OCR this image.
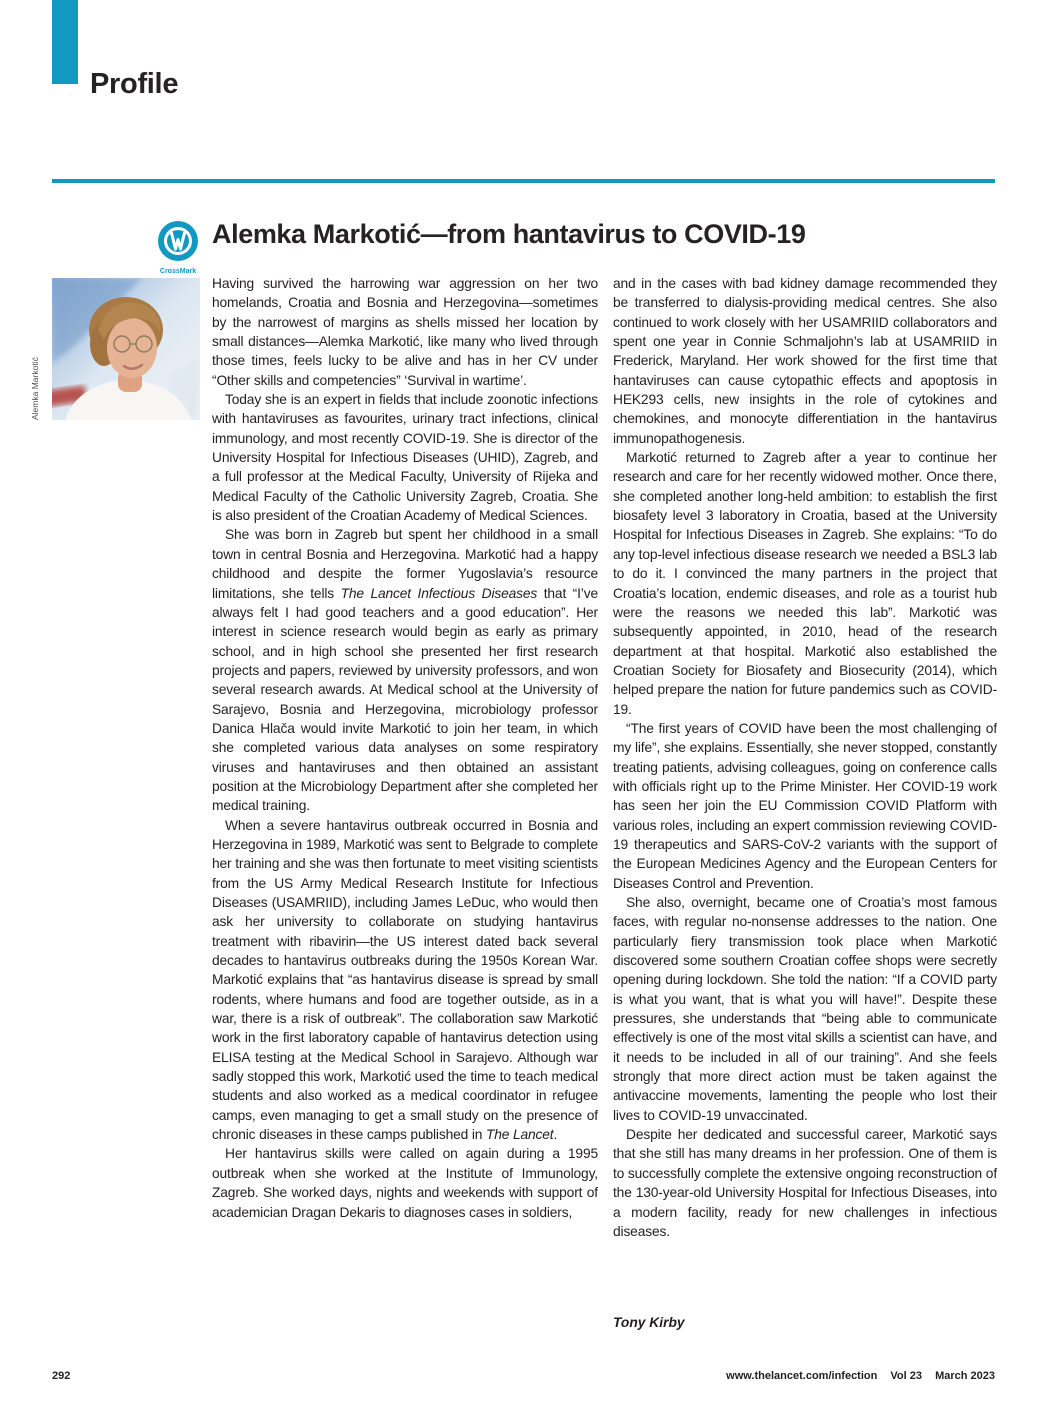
Profile
CrossMark
Alemka Markotić—from hantavirus to COVID-19
Alemka Markotić

Having survived the harrowing war aggression on her two homelands, Croatia and Bosnia and Herzegovina—sometimes by the narrowest of margins as shells missed her location by small distances—Alemka Markotić, like many who lived through those times, feels lucky to be alive and has in her CV under “Other skills and competencies” ‘Survival in wartime’.

Today she is an expert in fields that include zoonotic infections with hantaviruses as favourites, urinary tract infections, clinical immunology, and most recently COVID-19. She is director of the University Hospital for Infectious Diseases (UHID), Zagreb, and a full professor at the Medical Faculty, University of Rijeka and Medical Faculty of the Catholic University Zagreb, Croatia. She is also president of the Croatian Academy of Medical Sciences.

She was born in Zagreb but spent her childhood in a small town in central Bosnia and Herzegovina. Markotić had a happy childhood and despite the former Yugoslavia’s resource limitations, she tells The Lancet Infectious Diseases that “I’ve always felt I had good teachers and a good education”. Her interest in science research would begin as early as primary school, and in high school she presented her first research projects and papers, reviewed by university professors, and won several research awards. At Medical school at the University of Sarajevo, Bosnia and Herzegovina, microbiology professor Danica Hlača would invite Markotić to join her team, in which she completed various data analyses on some respiratory viruses and hantaviruses and then obtained an assistant position at the Microbiology Department after she completed her medical training.

When a severe hantavirus outbreak occurred in Bosnia and Herzegovina in 1989, Markotić was sent to Belgrade to complete her training and she was then fortunate to meet visiting scientists from the US Army Medical Research Institute for Infectious Diseases (USAMRIID), including James LeDuc, who would then ask her university to collaborate on studying hantavirus treatment with ribavirin—the US interest dated back several decades to hantavirus outbreaks during the 1950s Korean War. Markotić explains that “as hantavirus disease is spread by small rodents, where humans and food are together outside, as in a war, there is a risk of outbreak”. The collaboration saw Markotić work in the first laboratory capable of hantavirus detection using ELISA testing at the Medical School in Sarajevo. Although war sadly stopped this work, Markotić used the time to teach medical students and also worked as a medical coordinator in refugee camps, even managing to get a small study on the presence of chronic diseases in these camps published in The Lancet.

Her hantavirus skills were called on again during a 1995 outbreak when she worked at the Institute of Immunology, Zagreb. She worked days, nights and weekends with support of academician Dragan Dekaris to diagnoses cases in soldiers,

and in the cases with bad kidney damage recommended they be transferred to dialysis-providing medical centres. She also continued to work closely with her USAMRIID collaborators and spent one year in Connie Schmaljohn’s lab at USAMRIID in Frederick, Maryland. Her work showed for the first time that hantaviruses can cause cytopathic effects and apoptosis in HEK293 cells, new insights in the role of cytokines and chemokines, and monocyte differentiation in the hantavirus immunopathogenesis.

Markotić returned to Zagreb after a year to continue her research and care for her recently widowed mother. Once there, she completed another long-held ambition: to establish the first biosafety level 3 laboratory in Croatia, based at the University Hospital for Infectious Diseases in Zagreb. She explains: “To do any top-level infectious disease research we needed a BSL3 lab to do it. I convinced the many partners in the project that Croatia’s location, endemic diseases, and role as a tourist hub were the reasons we needed this lab”. Markotić was subsequently appointed, in 2010, head of the research department at that hospital. Markotić also established the Croatian Society for Biosafety and Biosecurity (2014), which helped prepare the nation for future pandemics such as COVID-19.

“The first years of COVID have been the most challenging of my life”, she explains. Essentially, she never stopped, constantly treating patients, advising colleagues, going on conference calls with officials right up to the Prime Minister. Her COVID-19 work has seen her join the EU Commission COVID Platform with various roles, including an expert commission reviewing COVID-19 therapeutics and SARS-CoV-2 variants with the support of the European Medicines Agency and the European Centers for Diseases Control and Prevention.

She also, overnight, became one of Croatia’s most famous faces, with regular no-nonsense addresses to the nation. One particularly fiery transmission took place when Markotić discovered some southern Croatian coffee shops were secretly opening during lockdown. She told the nation: “If a COVID party is what you want, that is what you will have!”. Despite these pressures, she understands that “being able to communicate effectively is one of the most vital skills a scientist can have, and it needs to be included in all of our training”. And she feels strongly that more direct action must be taken against the antivaccine movements, lamenting the people who lost their lives to COVID-19 unvaccinated.

Despite her dedicated and successful career, Markotić says that she still has many dreams in her profession. One of them is to successfully complete the extensive ongoing reconstruction of the 130-year-old University Hospital for Infectious Diseases, into a modern facility, ready for new challenges in infectious diseases.

Tony Kirby
292	www.thelancet.com/infection Vol 23 March 2023
